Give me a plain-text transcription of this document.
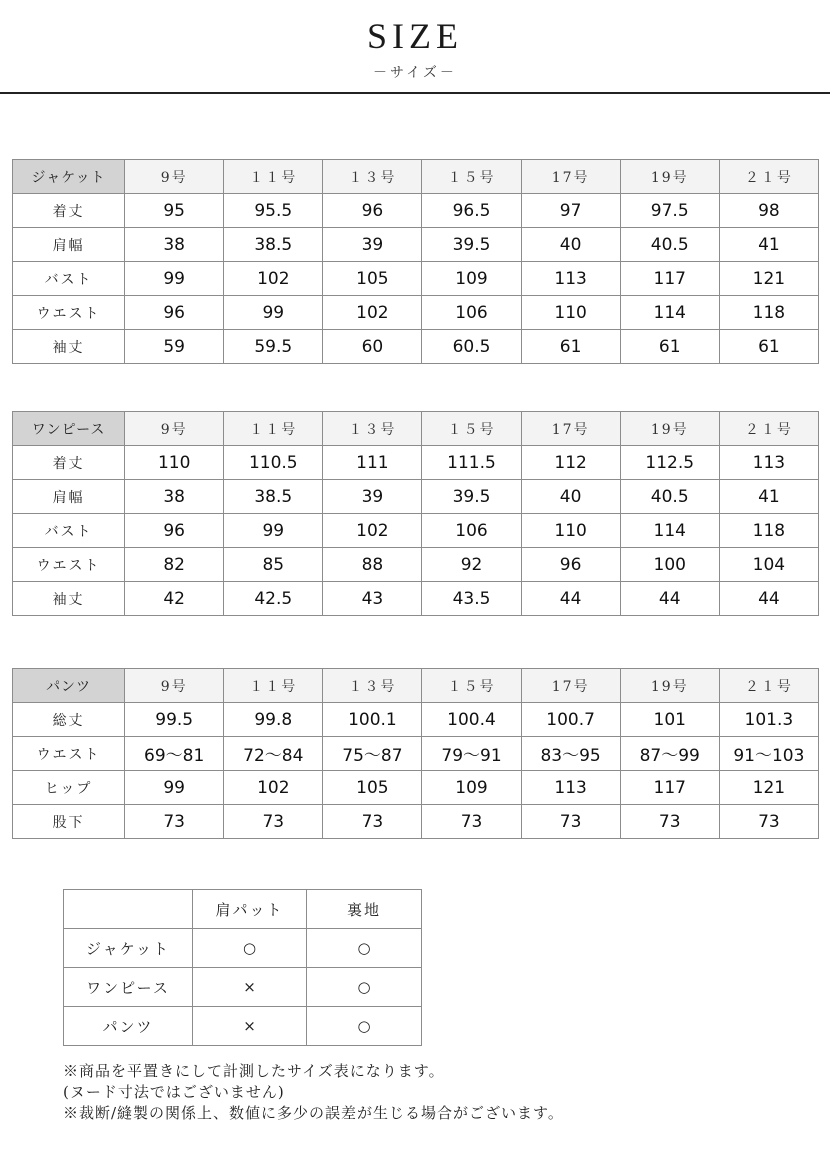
SIZE
－サイズ－
ジャケット	9号	１１号	１３号	１５号	17号	19号	２１号
着丈	95	95.5	96	96.5	97	97.5	98
肩幅	38	38.5	39	39.5	40	40.5	41
バスト	99	102	105	109	113	117	121
ウエスト	96	99	102	106	110	114	118
袖丈	59	59.5	60	60.5	61	61	61
ワンピース	9号	１１号	１３号	１５号	17号	19号	２１号
着丈	110	110.5	111	111.5	112	112.5	113
肩幅	38	38.5	39	39.5	40	40.5	41
バスト	96	99	102	106	110	114	118
ウエスト	82	85	88	92	96	100	104
袖丈	42	42.5	43	43.5	44	44	44
パンツ	9号	１１号	１３号	１５号	17号	19号	２１号
総丈	99.5	99.8	100.1	100.4	100.7	101	101.3
ウエスト	69～81	72～84	75～87	79～91	83～95	87～99	91～103
ヒップ	99	102	105	109	113	117	121
股下	73	73	73	73	73	73	73
	肩パット	裏地
ジャケット	○	○
ワンピース	×	○
パンツ	×	○
※商品を平置きにして計測したサイズ表になります。
(ヌード寸法ではございません)
※裁断/縫製の関係上、数値に多少の誤差が生じる場合がございます。
